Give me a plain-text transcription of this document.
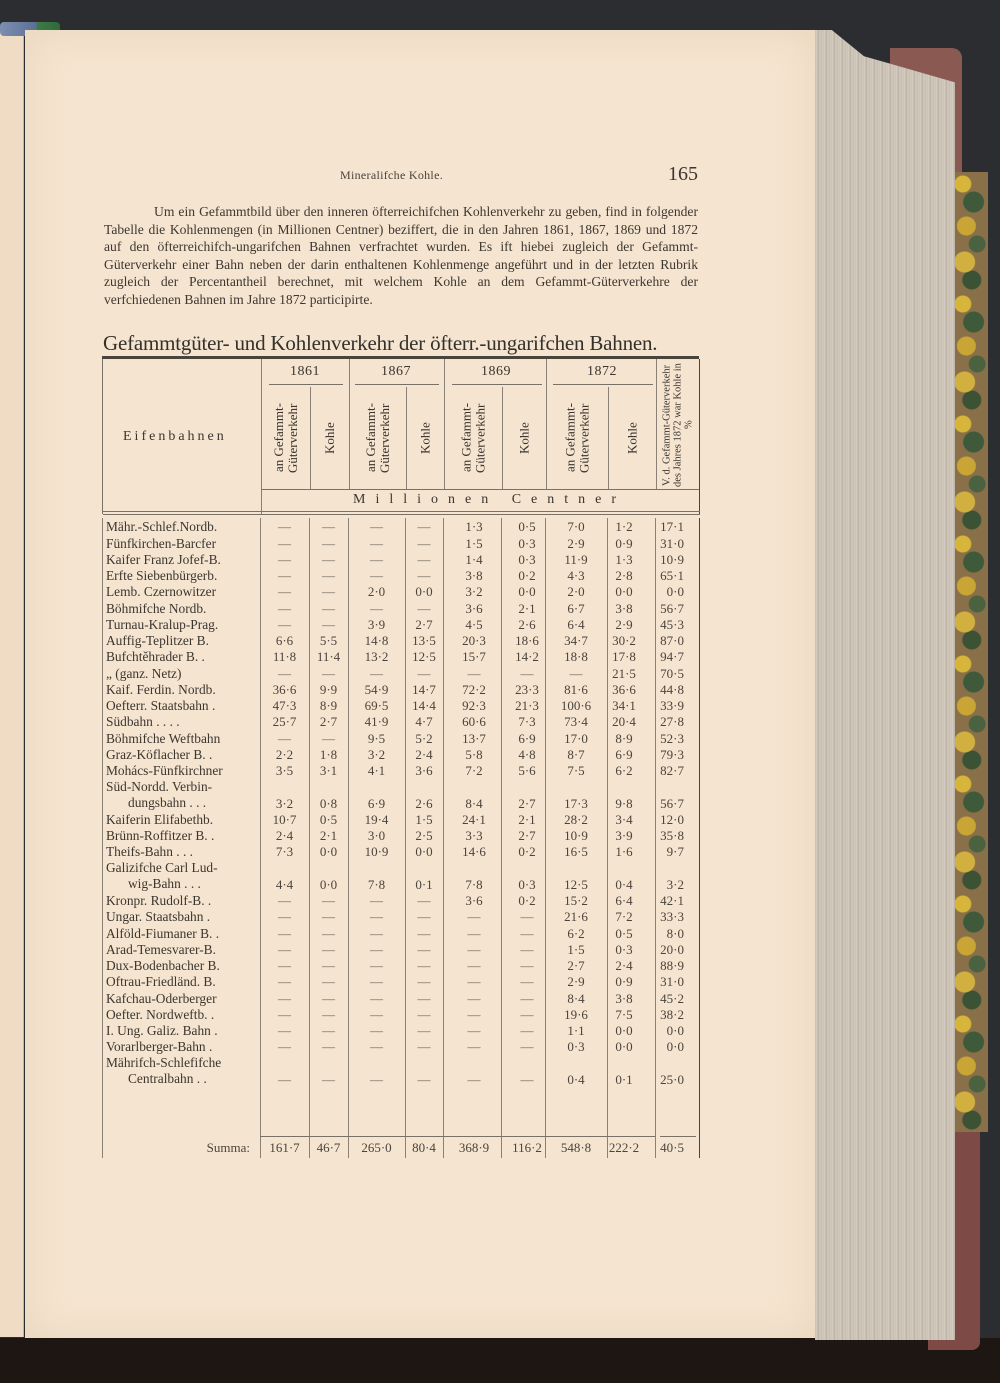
Mineralifche Kohle.	165

Um ein Gefammtbild über den inneren öfterreichifchen Kohlenverkehr zu geben, find in folgender Tabelle die Kohlenmengen (in Millionen Centner) beziffert, die in den Jahren 1861, 1867, 1869 und 1872 auf den öfterreichifch-ungarifchen Bahnen verfrachtet wurden. Es ift hiebei zugleich der Gefammt-Güterverkehr einer Bahn neben der darin enthaltenen Kohlenmenge angeführt und in der letzten Rubrik zugleich der Percentantheil berechnet, mit welchem Kohle an dem Gefammt-Güterverkehre der verfchiedenen Bahnen im Jahre 1872 participirte.

Gefammtgüter- und Kohlenverkehr der öfterr.-ungarifchen Bahnen.
Eifenbahnen
1861	1867	1869	1872
an Gefammt-Güterverkehr	Kohle	an Gefammt-Güterverkehr	Kohle	an Gefammt-Güterverkehr	Kohle	an Gefammt-Güterverkehr	Kohle	V. d. Gefammt-Güterverkehr des Jahres 1872 war Kohle in %
Millionen Centner
Mähr.-Schlef.Nordb.	—	—	—	—	1·3	0·5	7·0	1·2	17·1
Fünfkirchen-Barcfer	—	—	—	—	1·5	0·3	2·9	0·9	31·0
Kaifer Franz Jofef-B.	—	—	—	—	1·4	0·3	11·9	1·3	10·9
Erfte Siebenbürgerb.	—	—	—	—	3·8	0·2	4·3	2·8	65·1
Lemb. Czernowitzer	—	—	2·0	0·0	3·2	0·0	2·0	0·0	0·0
Böhmifche Nordb.	—	—	—	—	3·6	2·1	6·7	3·8	56·7
Turnau-Kralup-Prag.	—	—	3·9	2·7	4·5	2·6	6·4	2·9	45·3
Auffig-Teplitzer B.	6·6	5·5	14·8	13·5	20·3	18·6	34·7	30·2	87·0
Bufchtěhrader B. .	11·8	11·4	13·2	12·5	15·7	14·2	18·8	17·8	94·7
„ (ganz. Netz)	—	—	—	—	—	—	—	21·5	70·5
Kaif. Ferdin. Nordb.	36·6	9·9	54·9	14·7	72·2	23·3	81·6	36·6	44·8
Oefterr. Staatsbahn .	47·3	8·9	69·5	14·4	92·3	21·3	100·6	34·1	33·9
Südbahn . . . .	25·7	2·7	41·9	4·7	60·6	7·3	73·4	20·4	27·8
Böhmifche Weftbahn	—	—	9·5	5·2	13·7	6·9	17·0	8·9	52·3
Graz-Köflacher B. .	2·2	1·8	3·2	2·4	5·8	4·8	8·7	6·9	79·3
Mohács-Fünfkirchner	3·5	3·1	4·1	3·6	7·2	5·6	7·5	6·2	82·7
Süd-Nordd. Verbin-
dungsbahn . . .	3·2	0·8	6·9	2·6	8·4	2·7	17·3	9·8	56·7
Kaiferin Elifabethb.	10·7	0·5	19·4	1·5	24·1	2·1	28·2	3·4	12·0
Brünn-Roffitzer B. .	2·4	2·1	3·0	2·5	3·3	2·7	10·9	3·9	35·8
Theifs-Bahn . . .	7·3	0·0	10·9	0·0	14·6	0·2	16·5	1·6	9·7
Galizifche Carl Lud-
wig-Bahn . . .	4·4	0·0	7·8	0·1	7·8	0·3	12·5	0·4	3·2
Kronpr. Rudolf-B. .	—	—	—	—	3·6	0·2	15·2	6·4	42·1
Ungar. Staatsbahn .	—	—	—	—	—	—	21·6	7·2	33·3
Alföld-Fiumaner B. .	—	—	—	—	—	—	6·2	0·5	8·0
Arad-Temesvarer-B.	—	—	—	—	—	—	1·5	0·3	20·0
Dux-Bodenbacher B.	—	—	—	—	—	—	2·7	2·4	88·9
Oftrau-Friedländ. B.	—	—	—	—	—	—	2·9	0·9	31·0
Kafchau-Oderberger	—	—	—	—	—	—	8·4	3·8	45·2
Oefter. Nordweftb. .	—	—	—	—	—	—	19·6	7·5	38·2
I. Ung. Galiz. Bahn .	—	—	—	—	—	—	1·1	0·0	0·0
Vorarlberger-Bahn .	—	—	—	—	—	—	0·3	0·0	0·0
Mährifch-Schlefifche
Centralbahn . .	—	—	—	—	—	—	0·4	0·1	25·0
Summa:	161·7	46·7	265·0	80·4	368·9	116·2	548·8	222·2	40·5
